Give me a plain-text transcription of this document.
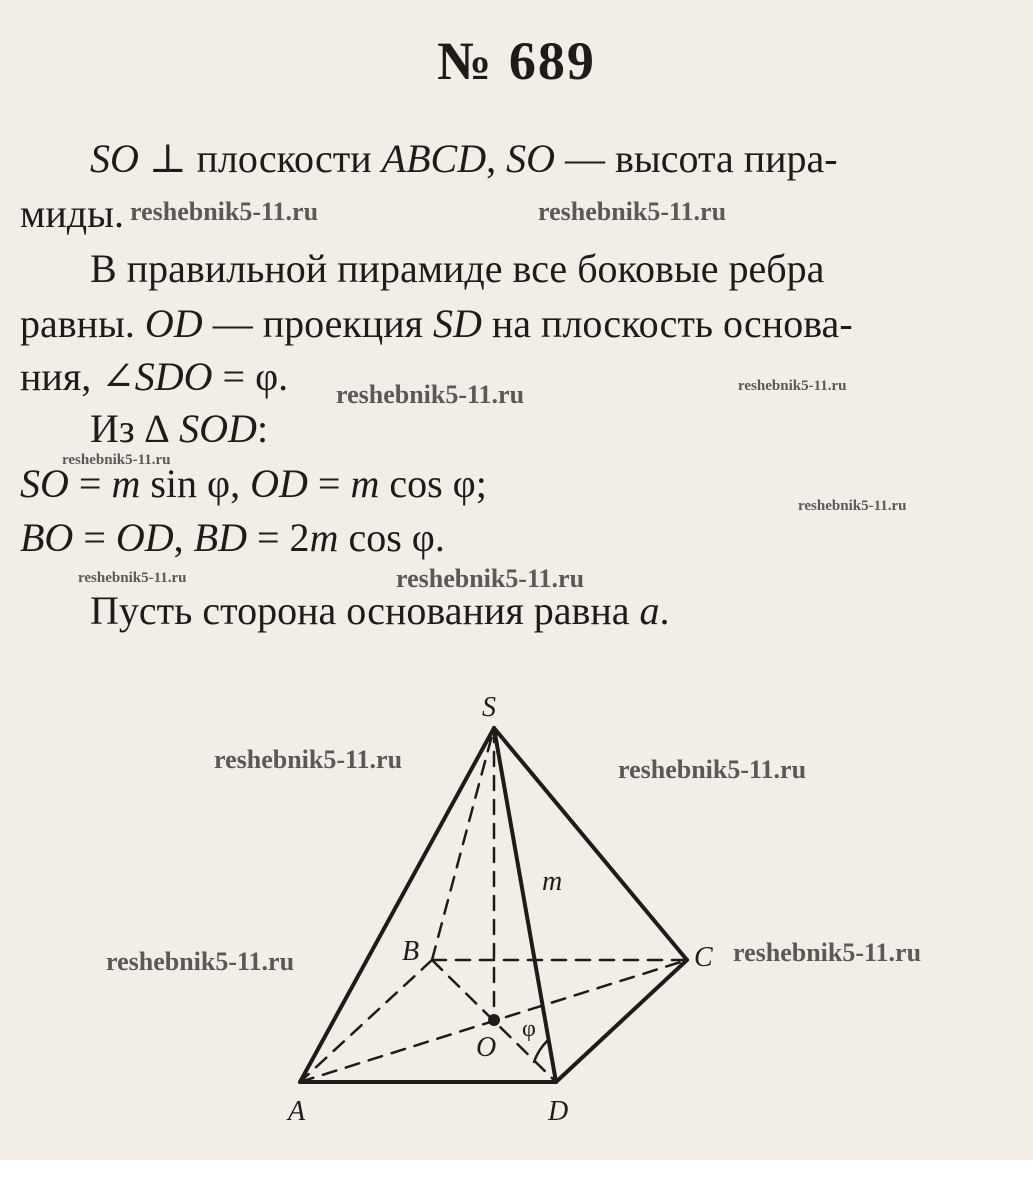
№ 689
SO ⊥ плоскости ABCD, SO — высота пира-
миды.
В правильной пирамиде все боковые ребра
равны. OD — проекция SD на плоскость основа-
ния, ∠SDO = φ.
Из ∆ SOD:
SO = m sin φ, OD = m cos φ;
BO = OD, BD = 2m cos φ.
Пусть сторона основания равна a.
S
A
B	C
D
O
m
φ
reshebnik5-11.ru	reshebnik5-11.ru
reshebnik5-11.ru	reshebnik5-11.ru
reshebnik5-11.ru
reshebnik5-11.ru
reshebnik5-11.ru	reshebnik5-11.ru
reshebnik5-11.ru	reshebnik5-11.ru
reshebnik5-11.ru	reshebnik5-11.ru
